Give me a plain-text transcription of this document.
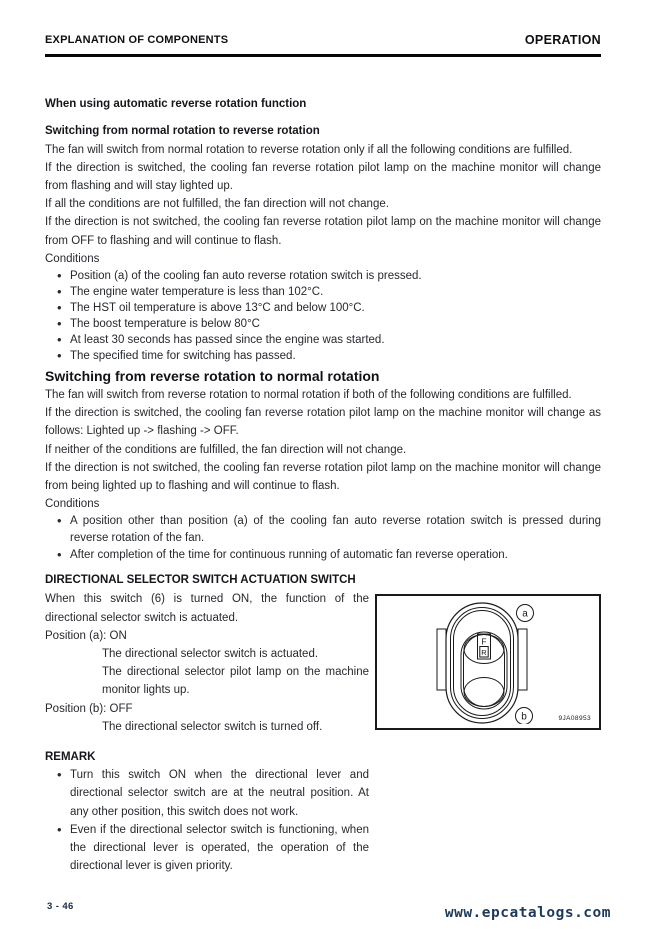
EXPLANATION OF COMPONENTS	OPERATION
When using automatic reverse rotation function
Switching from normal rotation to reverse rotation

The fan will switch from normal rotation to reverse rotation only if all the following conditions are fulfilled.

If the direction is switched, the cooling fan reverse rotation pilot lamp on the machine monitor will change from flashing and will stay lighted up.

If all the conditions are not fulfilled, the fan direction will not change.

If the direction is not switched, the cooling fan reverse rotation pilot lamp on the machine monitor will change from OFF to flashing and will continue to flash.

Conditions
• Position (a) of the cooling fan auto reverse rotation switch is pressed.
• The engine water temperature is less than 102°C.
• The HST oil temperature is above 13°C and below 100°C.
• The boost temperature is below 80°C
• At least 30 seconds has passed since the engine was started.
• The specified time for switching has passed.
Switching from reverse rotation to normal rotation

The fan will switch from reverse rotation to normal rotation if both of the following conditions are fulfilled.

If the direction is switched, the cooling fan reverse rotation pilot lamp on the machine monitor will change as follows: Lighted up -> flashing -> OFF.

If neither of the conditions are fulfilled, the fan direction will not change.

If the direction is not switched, the cooling fan reverse rotation pilot lamp on the machine monitor will change from being lighted up to flashing and will continue to flash.

Conditions
• A position other than position (a) of the cooling fan auto reverse rotation switch is pressed during reverse rotation of the fan.
• After completion of the time for continuous running of automatic fan reverse operation.
DIRECTIONAL SELECTOR SWITCH ACTUATION SWITCH

When this switch (6) is turned ON, the function of the directional selector switch is actuated.

Position (a): ON
The directional selector switch is actuated.
The directional selector pilot lamp on the machine monitor lights up.
Position (b): OFF
The directional selector switch is turned off.
REMARK
• Turn this switch ON when the directional lever and directional selector switch are at the neutral position. At any other position, this switch does not work.
• Even if the directional selector switch is functioning, when the directional lever is operated, the operation of the directional lever is given priority.
F
R
a
b	9JA08953
3 - 46	www.epcatalogs.com
